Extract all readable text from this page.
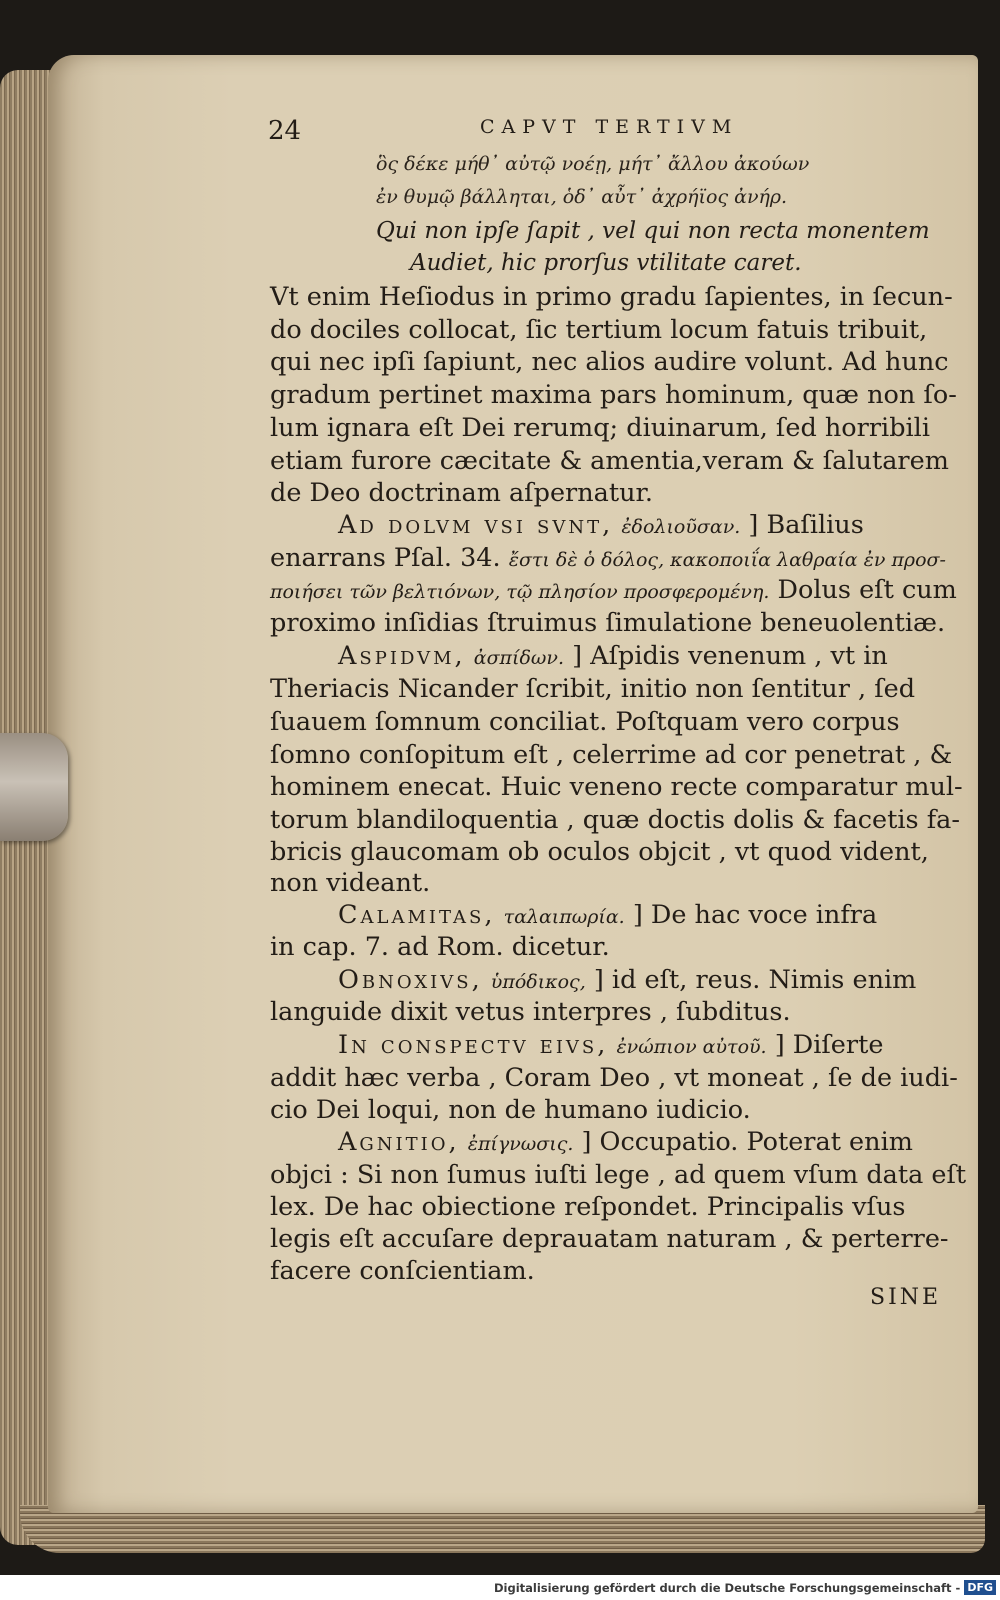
24	CAPVT TERTIVM
ὃς δέκε μήθ᾽ αὐτῷ νοέῃ, μήτ᾽ ἄλλου ἀκούων
ἐν θυμῷ βάλληται, ὁδ᾽ αὖτ᾽ ἀχρήϊος ἀνήρ.
Qui non ipſe ſapit , vel qui non recta monentem
Audiet, hic prorſus vtilitate caret.
Vt enim Heſiodus in primo gradu ſapientes, in ſecun-
do dociles collocat, ſic tertium locum fatuis tribuit,
qui nec ipſi ſapiunt, nec alios audire volunt. Ad hunc
gradum pertinet maxima pars hominum, quæ non ſo-
lum ignara eſt Dei rerumq; diuinarum, ſed horribili
etiam furore cæcitate & amentia,veram & ſalutarem
de Deo doctrinam aſpernatur.
Ad dolvm vsi svnt, ἐδολιοῦσαν. ] Baſilius
enarrans Pſal. 34. ἔστι δὲ ὁ δόλος, κακοποιΐα λαθραία ἐν προσ-
ποιήσει τῶν βελτιόνων, τῷ πλησίον προσφερομένη. Dolus eſt cum
proximo inſidias ſtruimus ſimulatione beneuolentiæ.
Aspidvm, ἀσπίδων. ] Aſpidis venenum , vt in
Theriacis Nicander ſcribit, initio non ſentitur , ſed
ſuauem ſomnum conciliat. Poſtquam vero corpus
ſomno conſopitum eſt , celerrime ad cor penetrat , &
hominem enecat. Huic veneno recte comparatur mul-
torum blandiloquentia , quæ doctis dolis & facetis fa-
bricis glaucomam ob oculos objcit , vt quod vident,
non videant.
Calamitas, ταλαιπωρία. ] De hac voce infra
in cap. 7. ad Rom. dicetur.
Obnoxivs, ὑπόδικος, ] id eſt, reus. Nimis enim
languide dixit vetus interpres , ſubditus.
In conspectv eivs, ἐνώπιον αὐτοῦ. ] Diſerte
addit hæc verba , Coram Deo , vt moneat , ſe de iudi-
cio Dei loqui, non de humano iudicio.
Agnitio, ἐπίγνωσις. ] Occupatio. Poterat enim
objci : Si non ſumus iuſti lege , ad quem vſum data eſt
lex. De hac obiectione reſpondet. Principalis vſus
legis eſt accuſare deprauatam naturam , & perterre-
facere conſcientiam.
SINE
Digitalisierung gefördert durch die Deutsche Forschungsgemeinschaft - DFG
